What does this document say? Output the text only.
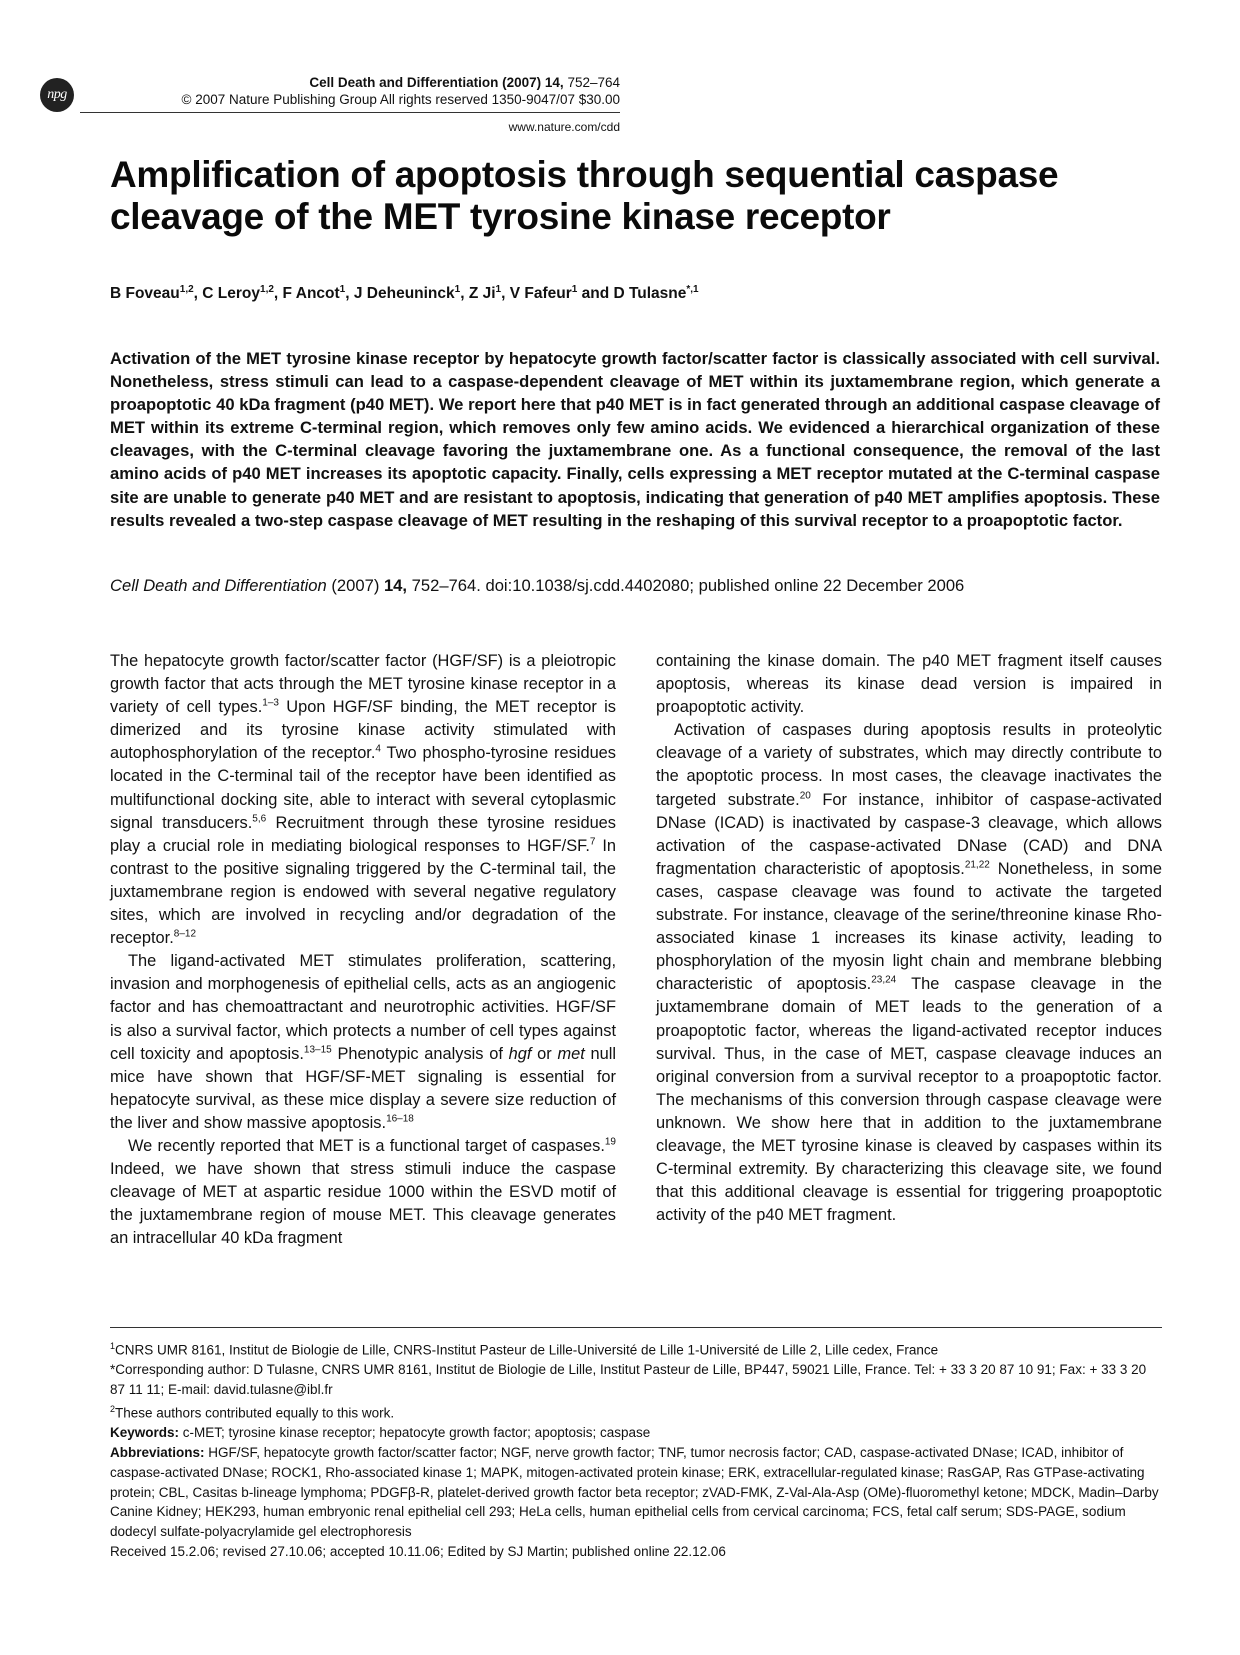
npg
Cell Death and Differentiation (2007) 14, 752–764
© 2007 Nature Publishing Group All rights reserved 1350-9047/07 $30.00
www.nature.com/cdd
Amplification of apoptosis through sequential caspase cleavage of the MET tyrosine kinase receptor
B Foveau$^{1,2}$, C Leroy$^{1,2}$, F Ancot$^1$, J Deheuninck$^1$, Z Ji$^1$, V Fafeur$^1$ and D Tulasne$^{*,1}$
Activation of the MET tyrosine kinase receptor by hepatocyte growth factor/scatter factor is classically associated with cell survival. Nonetheless, stress stimuli can lead to a caspase-dependent cleavage of MET within its juxtamembrane region, which generate a proapoptotic 40 kDa fragment (p40 MET). We report here that p40 MET is in fact generated through an additional caspase cleavage of MET within its extreme C-terminal region, which removes only few amino acids. We evidenced a hierarchical organization of these cleavages, with the C-terminal cleavage favoring the juxtamembrane one. As a functional consequence, the removal of the last amino acids of p40 MET increases its apoptotic capacity. Finally, cells expressing a MET receptor mutated at the C-terminal caspase site are unable to generate p40 MET and are resistant to apoptosis, indicating that generation of p40 MET amplifies apoptosis. These results revealed a two-step caspase cleavage of MET resulting in the reshaping of this survival receptor to a proapoptotic factor.
Cell Death and Differentiation (2007) 14, 752–764. doi:10.1038/sj.cdd.4402080; published online 22 December 2006

The hepatocyte growth factor/scatter factor (HGF/SF) is a pleiotropic growth factor that acts through the MET tyrosine kinase receptor in a variety of cell types.$^{1-3}$ Upon HGF/SF binding, the MET receptor is dimerized and its tyrosine kinase activity stimulated with autophosphorylation of the receptor.$^4$ Two phospho-tyrosine residues located in the C-terminal tail of the receptor have been identified as multifunctional docking site, able to interact with several cytoplasmic signal transducers.$^{5,6}$ Recruitment through these tyrosine residues play a crucial role in mediating biological responses to HGF/SF.$^7$ In contrast to the positive signaling triggered by the C-terminal tail, the juxtamembrane region is endowed with several negative regulatory sites, which are involved in recycling and/or degradation of the receptor.$^{8-12}$

The ligand-activated MET stimulates proliferation, scattering, invasion and morphogenesis of epithelial cells, acts as an angiogenic factor and has chemoattractant and neurotrophic activities. HGF/SF is also a survival factor, which protects a number of cell types against cell toxicity and apoptosis.$^{13-15}$ Phenotypic analysis of hgf or met null mice have shown that HGF/SF-MET signaling is essential for hepatocyte survival, as these mice display a severe size reduction of the liver and show massive apoptosis.$^{16-18}$

We recently reported that MET is a functional target of caspases.$^{19}$ Indeed, we have shown that stress stimuli induce the caspase cleavage of MET at aspartic residue 1000 within the ESVD motif of the juxtamembrane region of mouse MET. This cleavage generates an intracellular 40 kDa fragment

containing the kinase domain. The p40 MET fragment itself causes apoptosis, whereas its kinase dead version is impaired in proapoptotic activity.

Activation of caspases during apoptosis results in proteolytic cleavage of a variety of substrates, which may directly contribute to the apoptotic process. In most cases, the cleavage inactivates the targeted substrate.$^{20}$ For instance, inhibitor of caspase-activated DNase (ICAD) is inactivated by caspase-3 cleavage, which allows activation of the caspase-activated DNase (CAD) and DNA fragmentation characteristic of apoptosis.$^{21,22}$ Nonetheless, in some cases, caspase cleavage was found to activate the targeted substrate. For instance, cleavage of the serine/threonine kinase Rho-associated kinase 1 increases its kinase activity, leading to phosphorylation of the myosin light chain and membrane blebbing characteristic of apoptosis.$^{23,24}$ The caspase cleavage in the juxtamembrane domain of MET leads to the generation of a proapoptotic factor, whereas the ligand-activated receptor induces survival. Thus, in the case of MET, caspase cleavage induces an original conversion from a survival receptor to a proapoptotic factor. The mechanisms of this conversion through caspase cleavage were unknown. We show here that in addition to the juxtamembrane cleavage, the MET tyrosine kinase is cleaved by caspases within its C-terminal extremity. By characterizing this cleavage site, we found that this additional cleavage is essential for triggering proapoptotic activity of the p40 MET fragment.

$^1$CNRS UMR 8161, Institut de Biologie de Lille, CNRS-Institut Pasteur de Lille-Université de Lille 1-Université de Lille 2, Lille cedex, France

*Corresponding author: D Tulasne, CNRS UMR 8161, Institut de Biologie de Lille, Institut Pasteur de Lille, BP447, 59021 Lille, France. Tel: + 33 3 20 87 10 91; Fax: + 33 3 20 87 11 11; E-mail: david.tulasne@ibl.fr

$^2$These authors contributed equally to this work.

Keywords: c-MET; tyrosine kinase receptor; hepatocyte growth factor; apoptosis; caspase

Abbreviations: HGF/SF, hepatocyte growth factor/scatter factor; NGF, nerve growth factor; TNF, tumor necrosis factor; CAD, caspase-activated DNase; ICAD, inhibitor of caspase-activated DNase; ROCK1, Rho-associated kinase 1; MAPK, mitogen-activated protein kinase; ERK, extracellular-regulated kinase; RasGAP, Ras GTPase-activating protein; CBL, Casitas b-lineage lymphoma; PDGFβ-R, platelet-derived growth factor beta receptor; zVAD-FMK, Z-Val-Ala-Asp (OMe)-fluoromethyl ketone; MDCK, Madin–Darby Canine Kidney; HEK293, human embryonic renal epithelial cell 293; HeLa cells, human epithelial cells from cervical carcinoma; FCS, fetal calf serum; SDS-PAGE, sodium dodecyl sulfate-polyacrylamide gel electrophoresis

Received 15.2.06; revised 27.10.06; accepted 10.11.06; Edited by SJ Martin; published online 22.12.06
